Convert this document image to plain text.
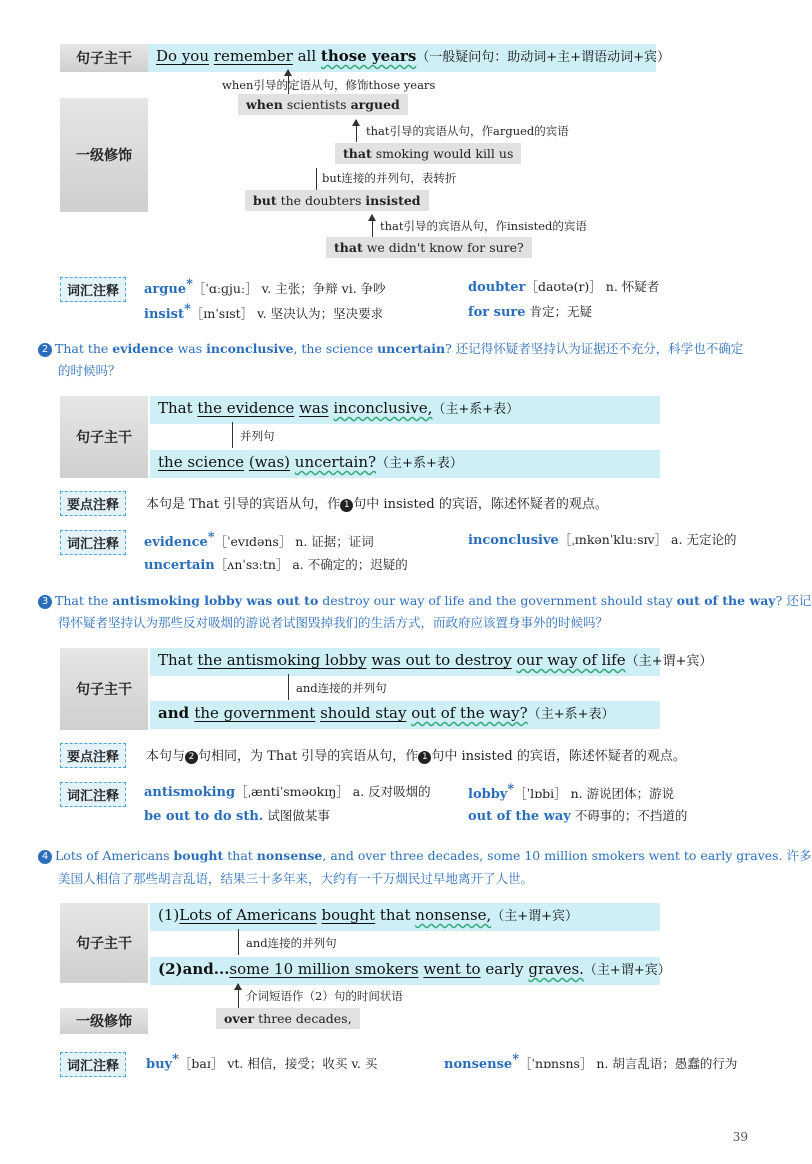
句子主干	Do you remember all those years（一般疑问句：助动词+主+谓语动词+宾）
一级修饰
when引导的定语从句，修饰those years
when scientists argued
that引导的宾语从句，作argued的宾语
that smoking would kill us
but连接的并列句，表转折
but the doubters insisted
that引导的宾语从句，作insisted的宾语
that we didn't know for sure?
词汇注释	argue*［ˈɑːɡjuː］ v. 主张；争辩 vi. 争吵	doubter［daʊtə(r)］ n. 怀疑者
insist*［ɪnˈsɪst］ v. 坚决认为；坚决要求	for sure 肯定；无疑
2 That the evidence was inconclusive, the science uncertain? 还记得怀疑者坚持认为证据还不充分，科学也不确定
的时候吗？
句子主干
That the evidence was inconclusive,（主+系+表）
并列句
the science (was) uncertain?（主+系+表）
要点注释	本句是 That 引导的宾语从句，作 1 句中 insisted 的宾语，陈述怀疑者的观点。
词汇注释	evidence*［ˈevɪdəns］ n. 证据；证词	inconclusive［ˌɪnkənˈkluːsɪv］ a. 无定论的
uncertain［ʌnˈsɜːtn］ a. 不确定的；迟疑的
3 That the antismoking lobby was out to destroy our way of life and the government should stay out of the way? 还记
得怀疑者坚持认为那些反对吸烟的游说者试图毁掉我们的生活方式，而政府应该置身事外的时候吗？
句子主干
That the antismoking lobby was out to destroy our way of life（主+谓+宾）
and连接的并列句
and the government should stay out of the way?（主+系+表）
要点注释	本句与 2 句相同，为 That 引导的宾语从句，作 1 句中 insisted 的宾语，陈述怀疑者的观点。
词汇注释	antismoking［ˌæntiˈsməʊkɪŋ］ a. 反对吸烟的	lobby*［ˈlɒbi］ n. 游说团体；游说
be out to do sth. 试图做某事	out of the way 不碍事的；不挡道的
4 Lots of Americans bought that nonsense, and over three decades, some 10 million smokers went to early graves. 许多
美国人相信了那些胡言乱语，结果三十多年来，大约有一千万烟民过早地离开了人世。
句子主干
(1)Lots of Americans bought that nonsense,（主+谓+宾）
and连接的并列句
(2)and...some 10 million smokers went to early graves.（主+谓+宾）
一级修饰
介词短语作（2）句的时间状语
over three decades,
词汇注释	buy*［baɪ］ vt. 相信，接受；收买 v. 买	nonsense*［ˈnɒnsns］ n. 胡言乱语；愚蠢的行为
39
